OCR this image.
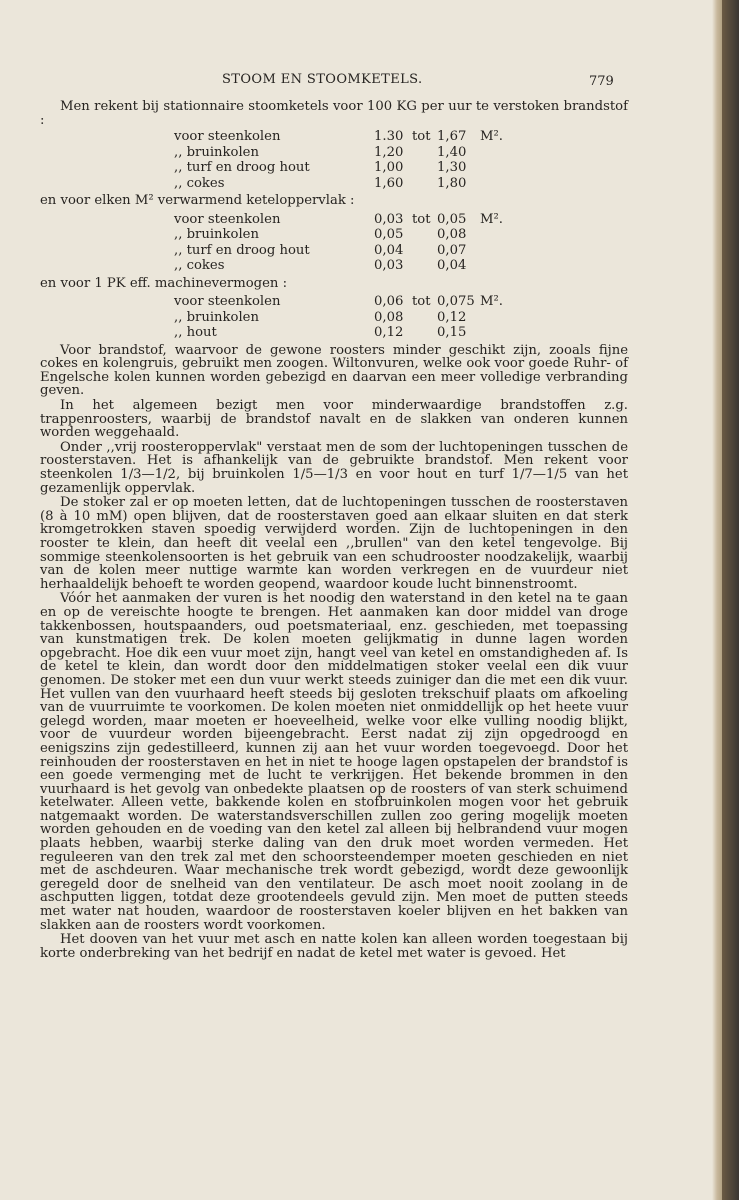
STOOM EN STOOMKETELS.	779

Men rekent bij stationnaire stoomketels voor 100 KG per uur te verstoken brandstof :

voor steenkolen	1.30 tot 1,67 M².
,, bruinkolen	1,20	1,40
,, turf en droog hout	1,00	1,30
,, cokes	1,60	1,80
en voor elken M² verwarmend keteloppervlak :
voor steenkolen	0,03 tot 0,05 M².
,, bruinkolen	0,05	0,08
,, turf en droog hout	0,04	0,07
,, cokes	0,03	0,04
en voor 1 PK eff. machinevermogen :
voor steenkolen	0,06 tot 0,075 M².
,, bruinkolen	0,08	0,12
,, hout	0,12	0,15

Voor brandstof, waarvoor de gewone roosters minder geschikt zijn, zooals fijne cokes en kolengruis, gebruikt men zoogen. Wiltonvuren, welke ook voor goede Ruhr- of Engelsche kolen kunnen worden gebezigd en daarvan een meer volledige verbranding geven.

In het algemeen bezigt men voor minderwaardige brandstoffen z.g. trappenroosters, waarbij de brandstof navalt en de slakken van onderen kunnen worden weggehaald.

Onder ,,vrij roosteroppervlak" verstaat men de som der luchtopeningen tusschen de roosterstaven. Het is afhankelijk van de gebruikte brandstof. Men rekent voor steenkolen 1/3—1/2, bij bruinkolen 1/5—1/3 en voor hout en turf 1/7—1/5 van het gezamenlijk oppervlak.

De stoker zal er op moeten letten, dat de luchtopeningen tusschen de roosterstaven (8 à 10 mM) open blijven, dat de roosterstaven goed aan elkaar sluiten en dat sterk kromgetrokken staven spoedig verwijderd worden. Zijn de luchtopeningen in den rooster te klein, dan heeft dit veelal een ,,brullen" van den ketel tengevolge. Bij sommige steenkolensoorten is het gebruik van een schudrooster noodzakelijk, waarbij van de kolen meer nuttige warmte kan worden verkregen en de vuurdeur niet herhaaldelijk behoeft te worden geopend, waardoor koude lucht binnenstroomt.

Vóór het aanmaken der vuren is het noodig den waterstand in den ketel na te gaan en op de vereischte hoogte te brengen. Het aanmaken kan door middel van droge takkenbossen, houtspaanders, oud poetsmateriaal, enz. geschieden, met toepassing van kunstmatigen trek. De kolen moeten gelijkmatig in dunne lagen worden opgebracht. Hoe dik een vuur moet zijn, hangt veel van ketel en omstandigheden af. Is de ketel te klein, dan wordt door den middelmatigen stoker veelal een dik vuur genomen. De stoker met een dun vuur werkt steeds zuiniger dan die met een dik vuur. Het vullen van den vuurhaard heeft steeds bij gesloten trekschuif plaats om afkoeling van de vuurruimte te voorkomen. De kolen moeten niet onmiddellijk op het heete vuur gelegd worden, maar moeten er hoeveelheid, welke voor elke vulling noodig blijkt, voor de vuurdeur worden bijeengebracht. Eerst nadat zij zijn opgedroogd en eenigszins zijn gedestilleerd, kunnen zij aan het vuur worden toegevoegd. Door het reinhouden der roosterstaven en het in niet te hooge lagen opstapelen der brandstof is een goede vermenging met de lucht te verkrijgen. Het bekende brommen in den vuurhaard is het gevolg van onbedekte plaatsen op de roosters of van sterk schuimend ketelwater. Alleen vette, bakkende kolen en stofbruinkolen mogen voor het gebruik natgemaakt worden. De waterstandsverschillen zullen zoo gering mogelijk moeten worden gehouden en de voeding van den ketel zal alleen bij helbrandend vuur mogen plaats hebben, waarbij sterke daling van den druk moet worden vermeden. Het reguleeren van den trek zal met den schoorsteendemper moeten geschieden en niet met de aschdeuren. Waar mechanische trek wordt gebezigd, wordt deze gewoonlijk geregeld door de snelheid van den ventilateur. De asch moet nooit zoolang in de aschputten liggen, totdat deze grootendeels gevuld zijn. Men moet de putten steeds met water nat houden, waardoor de roosterstaven koeler blijven en het bakken van slakken aan de roosters wordt voorkomen.

Het dooven van het vuur met asch en natte kolen kan alleen worden toegestaan bij korte onderbreking van het bedrijf en nadat de ketel met water is gevoed. Het
